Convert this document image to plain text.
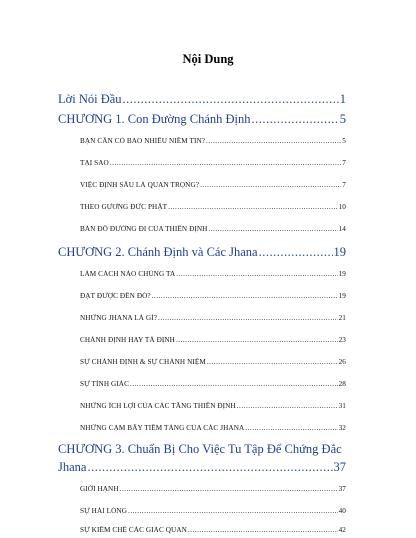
Nội Dung
Lời Nói Đầu .....	1
CHƯƠNG 1. Con Đường Chánh Định .....	5
BẠN CẦN CÓ BAO NHIÊU NIỀM TIN? .....	5
TẠI SAO .....	7
VIỆC ĐỊNH SÂU LÀ QUAN TRỌNG? .....	7
THEO GƯƠNG ĐỨC PHẬT .....	10
BẢN ĐỒ ĐƯỜNG ĐI CỦA THIỀN ĐỊNH .....	14
CHƯƠNG 2. Chánh Định và Các Jhana .....	19
LÀM CÁCH NÀO CHÚNG TA .....	19
ĐẠT ĐƯỢC ĐẾN ĐÓ? .....	19
NHỮNG JHANA LÀ GÌ? .....	21
CHÁNH ĐỊNH HAY TÀ ĐỊNH .....	23
SỰ CHÁNH ĐỊNH & SỰ CHÁNH NIỆM .....	26
SỰ TỈNH GIÁC .....	28
NHỮNG ÍCH LỢI CỦA CÁC TẦNG THIỀN ĐỊNH .....	31
NHỮNG CẠM BẪY TIỀM TÀNG CỦA CÁC JHANA .....	32
CHƯƠNG 3. Chuẩn Bị Cho Việc Tu Tập Để Chứng Đắc
Jhana .....	37
GIỚI HẠNH .....	37
SỰ HÀI LÒNG .....	40
SỰ KIỀM CHẾ CÁC GIÁC QUAN .....	42
